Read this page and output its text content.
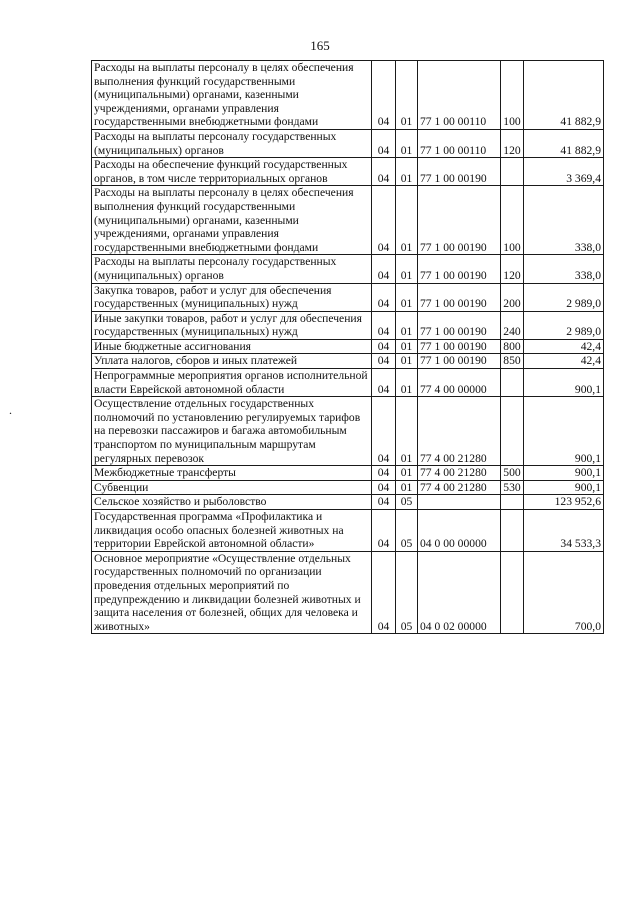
165
.
Расходы на выплаты персоналу в целях обеспечения выполнения функций государственными (муниципальными) органами, казенными учреждениями, органами управления государственными внебюджетными фондами	04	01	77 1 00 00110	100	41 882,9
Расходы на выплаты персоналу государственных (муниципальных) органов	04	01	77 1 00 00110	120	41 882,9
Расходы на обеспечение функций государственных органов, в том числе территориальных органов	04	01	77 1 00 00190		3 369,4
Расходы на выплаты персоналу в целях обеспечения выполнения функций государственными (муниципальными) органами, казенными учреждениями, органами управления государственными внебюджетными фондами	04	01	77 1 00 00190	100	338,0
Расходы на выплаты персоналу государственных (муниципальных) органов	04	01	77 1 00 00190	120	338,0
Закупка товаров, работ и услуг для обеспечения государственных (муниципальных) нужд	04	01	77 1 00 00190	200	2 989,0
Иные закупки товаров, работ и услуг для обеспечения государственных (муниципальных) нужд	04	01	77 1 00 00190	240	2 989,0
Иные бюджетные ассигнования	04	01	77 1 00 00190	800	42,4
Уплата налогов, сборов и иных платежей	04	01	77 1 00 00190	850	42,4
Непрограммные мероприятия органов исполнительной власти Еврейской автономной области	04	01	77 4 00 00000		900,1
Осуществление отдельных государственных полномочий по установлению регулируемых тарифов на перевозки пассажиров и багажа автомобильным транспортом по муниципальным маршрутам регулярных перевозок	04	01	77 4 00 21280		900,1
Межбюджетные трансферты	04	01	77 4 00 21280	500	900,1
Субвенции	04	01	77 4 00 21280	530	900,1
Сельское хозяйство и рыболовство	04	05			123 952,6
Государственная программа «Профилактика и ликвидация особо опасных болезней животных на территории Еврейской автономной области»	04	05	04 0 00 00000		34 533,3
Основное мероприятие «Осуществление отдельных государственных полномочий по организации проведения отдельных мероприятий по предупреждению и ликвидации болезней животных и защита населения от болезней, общих для человека и животных»	04	05	04 0 02 00000		700,0
